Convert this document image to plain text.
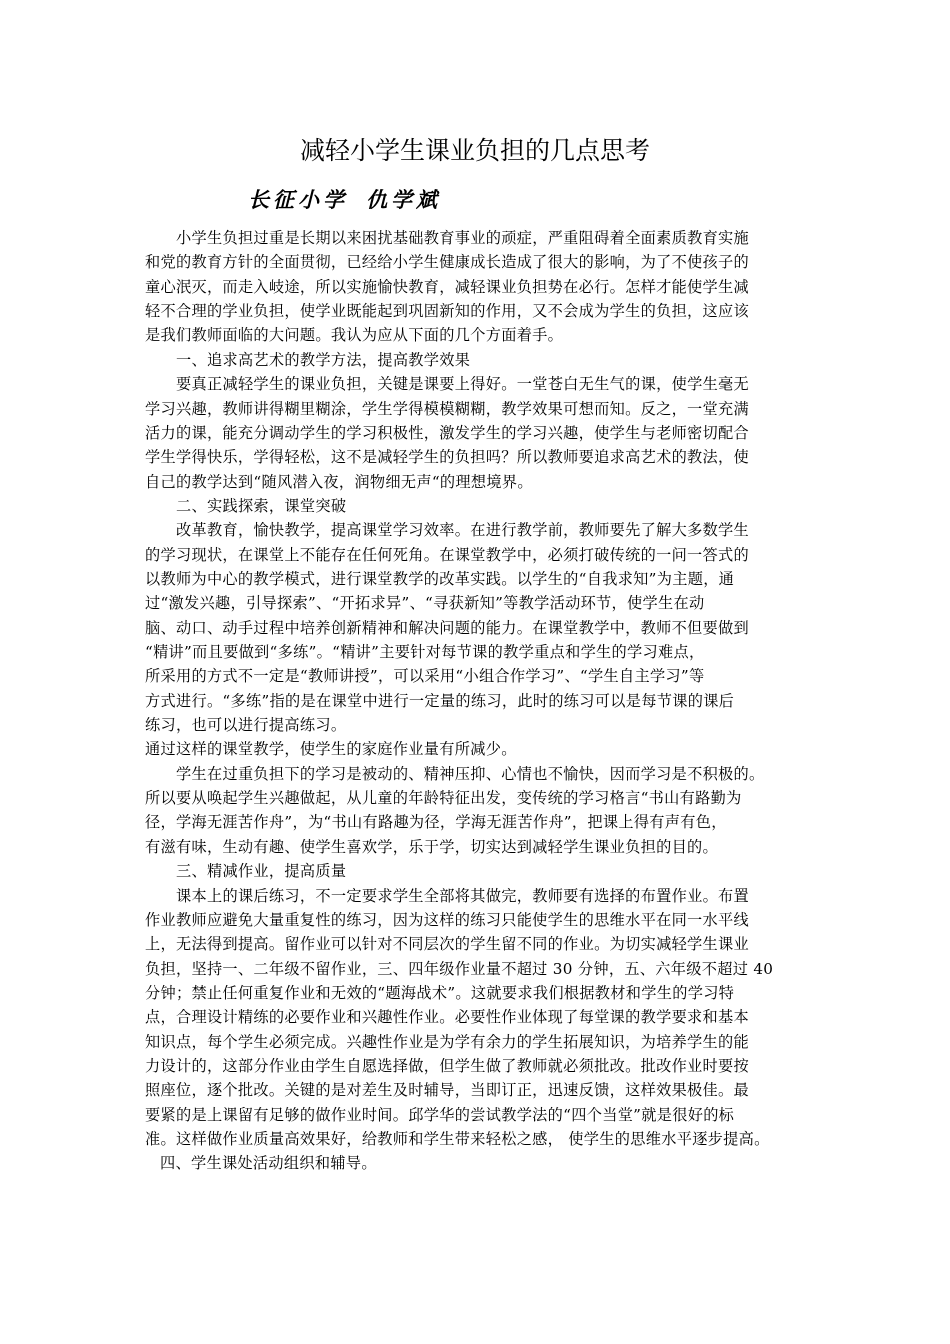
减轻小学生课业负担的几点思考
长征小学 仇学斌
小学生负担过重是长期以来困扰基础教育事业的顽症，严重阻碍着全面素质教育实施
和党的教育方针的全面贯彻，已经给小学生健康成长造成了很大的影响，为了不使孩子的
童心泯灭，而走入岐途，所以实施愉快教育，减轻课业负担势在必行。怎样才能使学生减
轻不合理的学业负担，使学业既能起到巩固新知的作用，又不会成为学生的负担，这应该
是我们教师面临的大问题。我认为应从下面的几个方面着手。
一、追求高艺术的教学方法，提高教学效果
要真正减轻学生的课业负担，关键是课要上得好。一堂苍白无生气的课，使学生毫无
学习兴趣，教师讲得糊里糊涂，学生学得模模糊糊，教学效果可想而知。反之，一堂充满
活力的课，能充分调动学生的学习积极性，激发学生的学习兴趣，使学生与老师密切配合
学生学得快乐，学得轻松，这不是减轻学生的负担吗？所以教师要追求高艺术的教法，使
自己的教学达到“随风潜入夜，润物细无声“的理想境界。
二、实践探索，课堂突破
改革教育，愉快教学，提高课堂学习效率。在进行教学前，教师要先了解大多数学生
的学习现状，在课堂上不能存在任何死角。在课堂教学中，必须打破传统的一问一答式的
以教师为中心的教学模式，进行课堂教学的改革实践。以学生的“自我求知”为主题，通
过“激发兴趣，引导探索”、“开拓求异”、“寻获新知”等教学活动环节，使学生在动
脑、动口、动手过程中培养创新精神和解决问题的能力。在课堂教学中，教师不但要做到
“精讲”而且要做到“多练”。“精讲”主要针对每节课的教学重点和学生的学习难点，
所采用的方式不一定是“教师讲授”，可以采用“小组合作学习”、“学生自主学习”等
方式进行。“多练”指的是在课堂中进行一定量的练习，此时的练习可以是每节课的课后
练习，也可以进行提高练习。
通过这样的课堂教学，使学生的家庭作业量有所减少。
学生在过重负担下的学习是被动的、精神压抑、心情也不愉快，因而学习是不积极的。
所以要从唤起学生兴趣做起，从儿童的年龄特征出发，变传统的学习格言“书山有路勤为
径，学海无涯苦作舟”，为“书山有路趣为径，学海无涯苦作舟”，把课上得有声有色，
有滋有味，生动有趣、使学生喜欢学，乐于学，切实达到减轻学生课业负担的目的。
三、精减作业，提高质量
课本上的课后练习，不一定要求学生全部将其做完，教师要有选择的布置作业。布置
作业教师应避免大量重复性的练习，因为这样的练习只能使学生的思维水平在同一水平线
上，无法得到提高。留作业可以针对不同层次的学生留不同的作业。为切实减轻学生课业
负担，坚持一、二年级不留作业，三、四年级作业量不超过 30 分钟，五、六年级不超过 40
分钟；禁止任何重复作业和无效的“题海战术”。这就要求我们根据教材和学生的学习特
点，合理设计精练的必要作业和兴趣性作业。必要性作业体现了每堂课的教学要求和基本
知识点，每个学生必须完成。兴趣性作业是为学有余力的学生拓展知识，为培养学生的能
力设计的，这部分作业由学生自愿选择做，但学生做了教师就必须批改。批改作业时要按
照座位，逐个批改。关键的是对差生及时辅导，当即订正，迅速反馈，这样效果极佳。最
要紧的是上课留有足够的做作业时间。邱学华的尝试教学法的“四个当堂”就是很好的标
准。这样做作业质量高效果好，给教师和学生带来轻松之感， 使学生的思维水平逐步提高。
四、学生课处活动组织和辅导。
